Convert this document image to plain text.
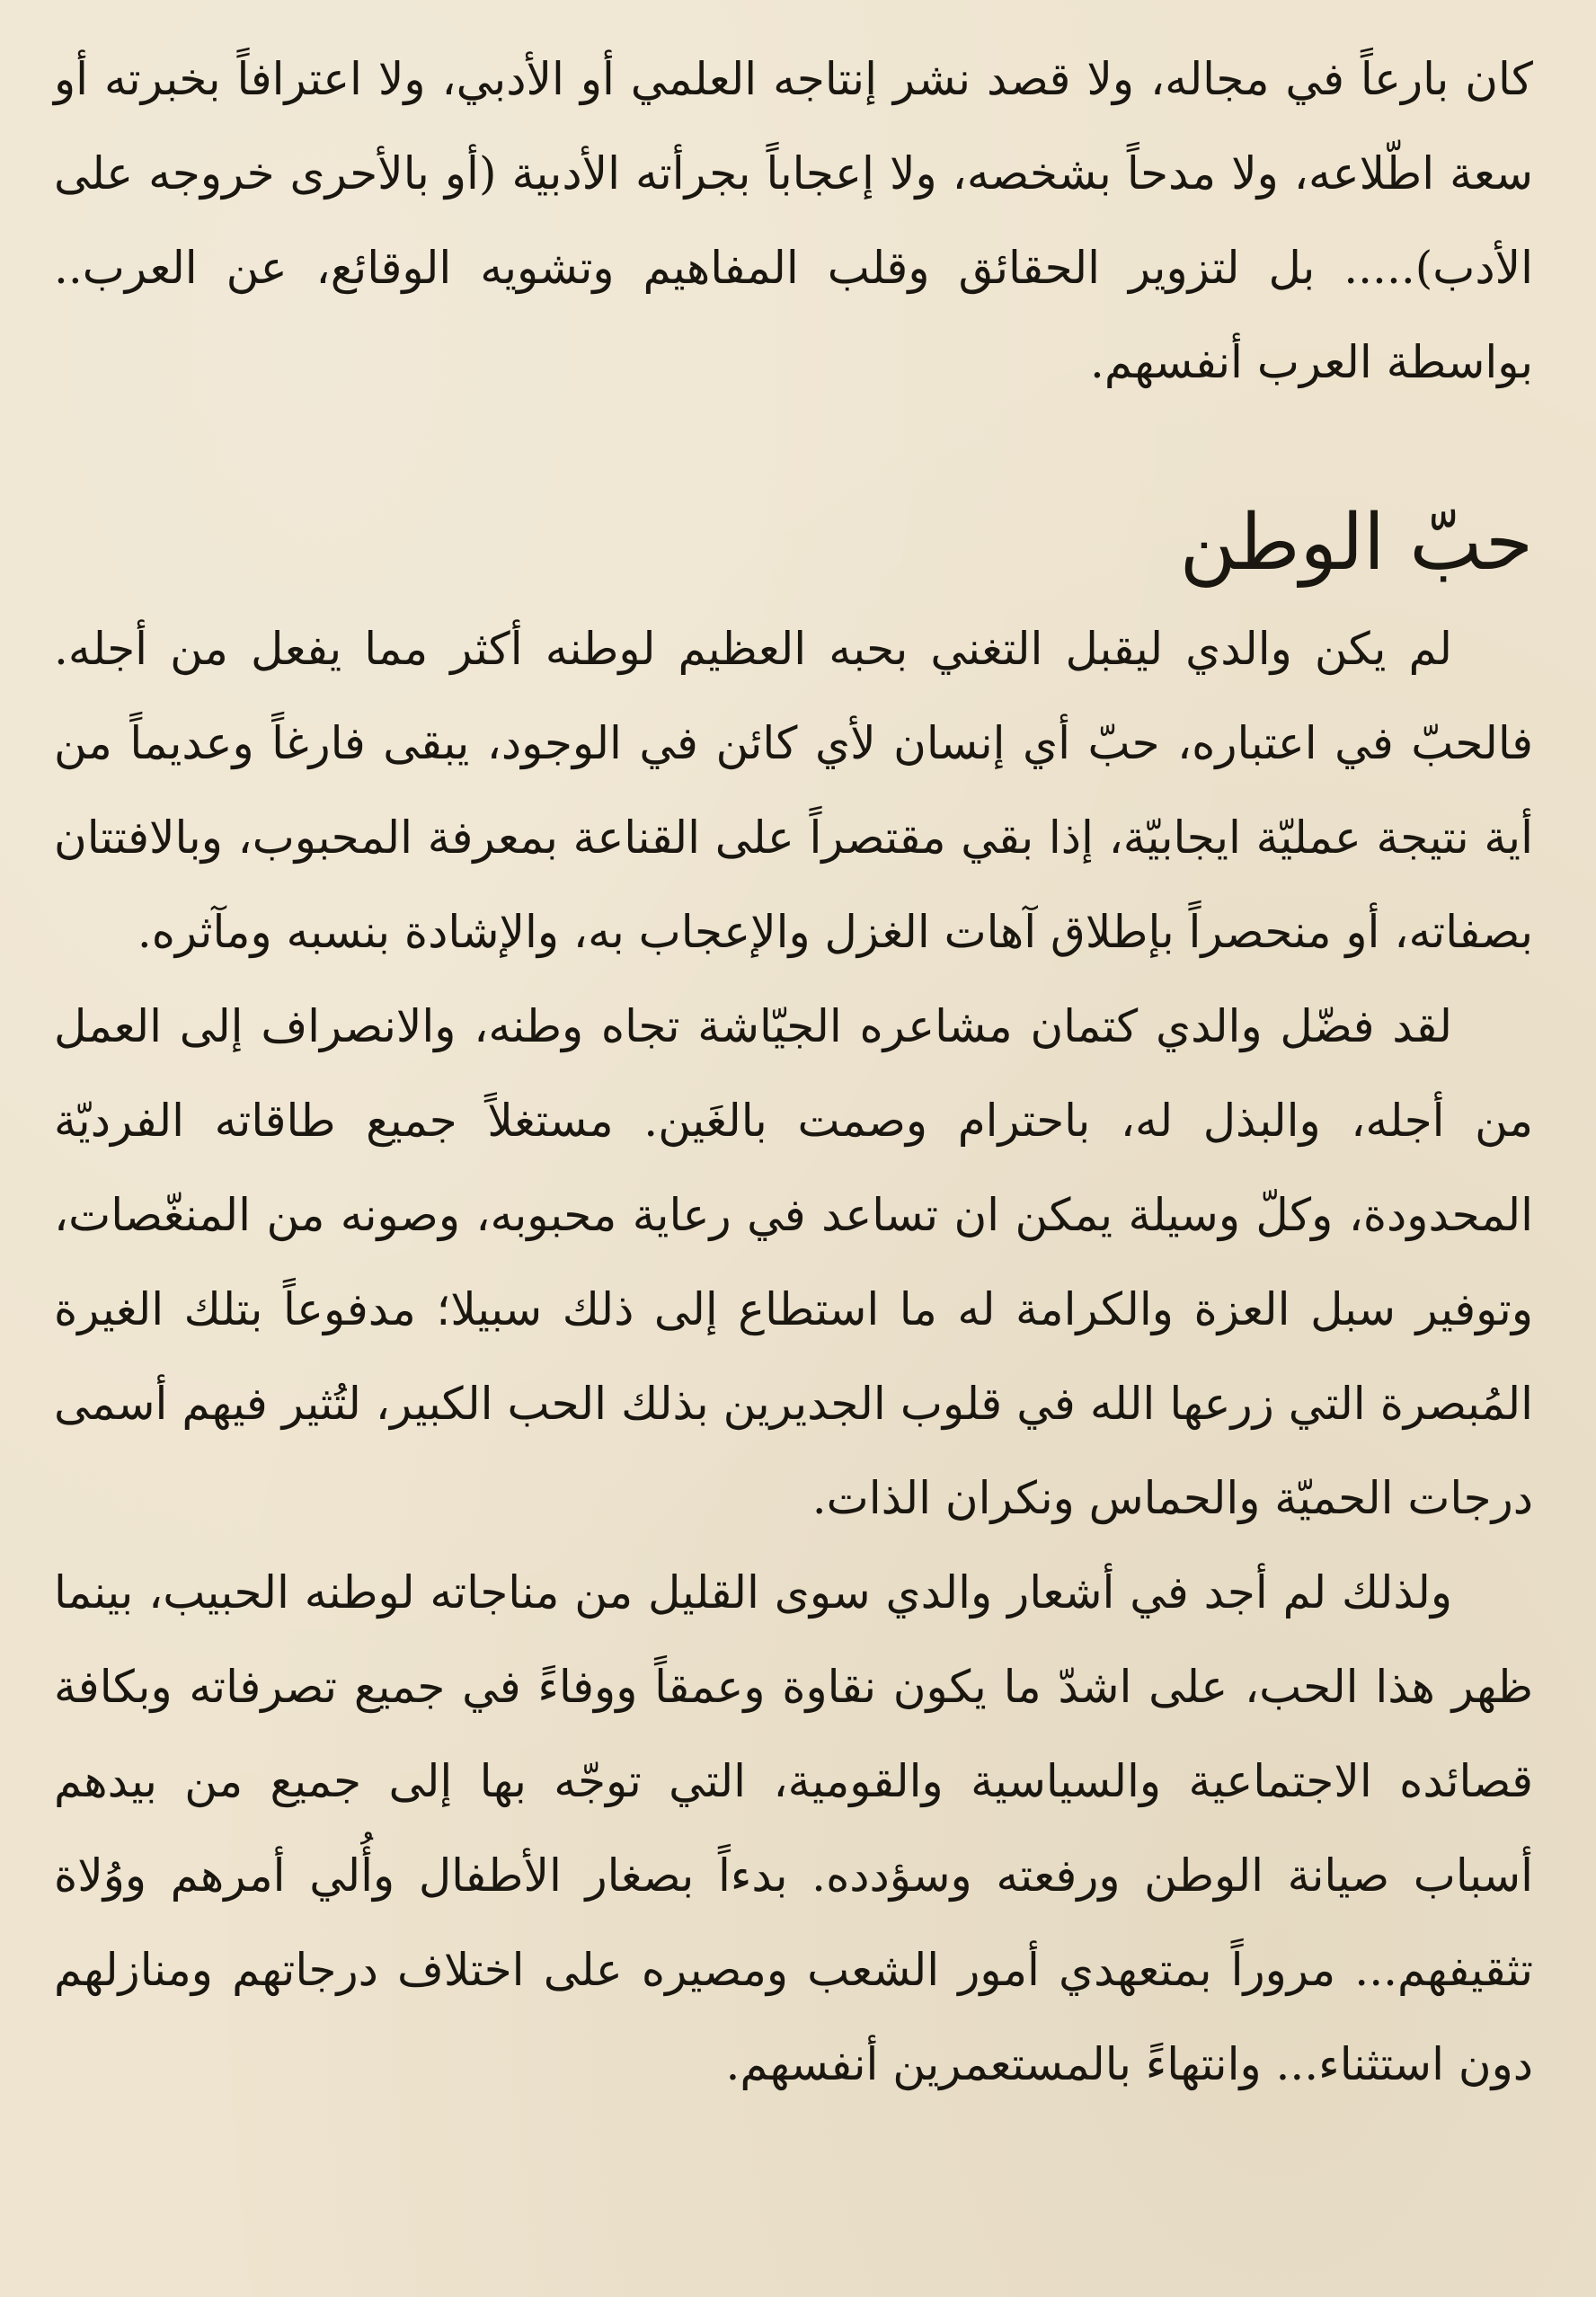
كان بارعاً في مجاله، ولا قصد نشر إنتاجه العلمي أو الأدبي، ولا اعترافاً بخبرته أو سعة اطّلاعه، ولا مدحاً بشخصه، ولا إعجاباً بجرأته الأدبية (أو بالأحرى خروجه على الأدب)..... بل لتزوير الحقائق وقلب المفاهيم وتشويه الوقائع، عن العرب.. بواسطة العرب أنفسهم.

حبّ الوطن

لم يكن والدي ليقبل التغني بحبه العظيم لوطنه أكثر مما يفعل من أجله. فالحبّ في اعتباره، حبّ أي إنسان لأي كائن في الوجود، يبقى فارغاً وعديماً من أية نتيجة عمليّة ايجابيّة، إذا بقي مقتصراً على القناعة بمعرفة المحبوب، وبالافتتان بصفاته، أو منحصراً بإطلاق آهات الغزل والإعجاب به، والإشادة بنسبه ومآثره.

لقد فضّل والدي كتمان مشاعره الجيّاشة تجاه وطنه، والانصراف إلى العمل من أجله، والبذل له، باحترام وصمت بالغَين. مستغلاً جميع طاقاته الفرديّة المحدودة، وكلّ وسيلة يمكن ان تساعد في رعاية محبوبه، وصونه من المنغّصات، وتوفير سبل العزة والكرامة له ما استطاع إلى ذلك سبيلا؛ مدفوعاً بتلك الغيرة المُبصرة التي زرعها الله في قلوب الجديرين بذلك الحب الكبير، لتُثير فيهم أسمى درجات الحميّة والحماس ونكران الذات.

ولذلك لم أجد في أشعار والدي سوى القليل من مناجاته لوطنه الحبيب، بينما ظهر هذا الحب، على اشدّ ما يكون نقاوة وعمقاً ووفاءً في جميع تصرفاته وبكافة قصائده الاجتماعية والسياسية والقومية، التي توجّه بها إلى جميع من بيدهم أسباب صيانة الوطن ورفعته وسؤدده. بدءاً بصغار الأطفال وأُلي أمرهم ووُلاة تثقيفهم... مروراً بمتعهدي أمور الشعب ومصيره على اختلاف درجاتهم ومنازلهم دون استثناء... وانتهاءً بالمستعمرين أنفسهم.
